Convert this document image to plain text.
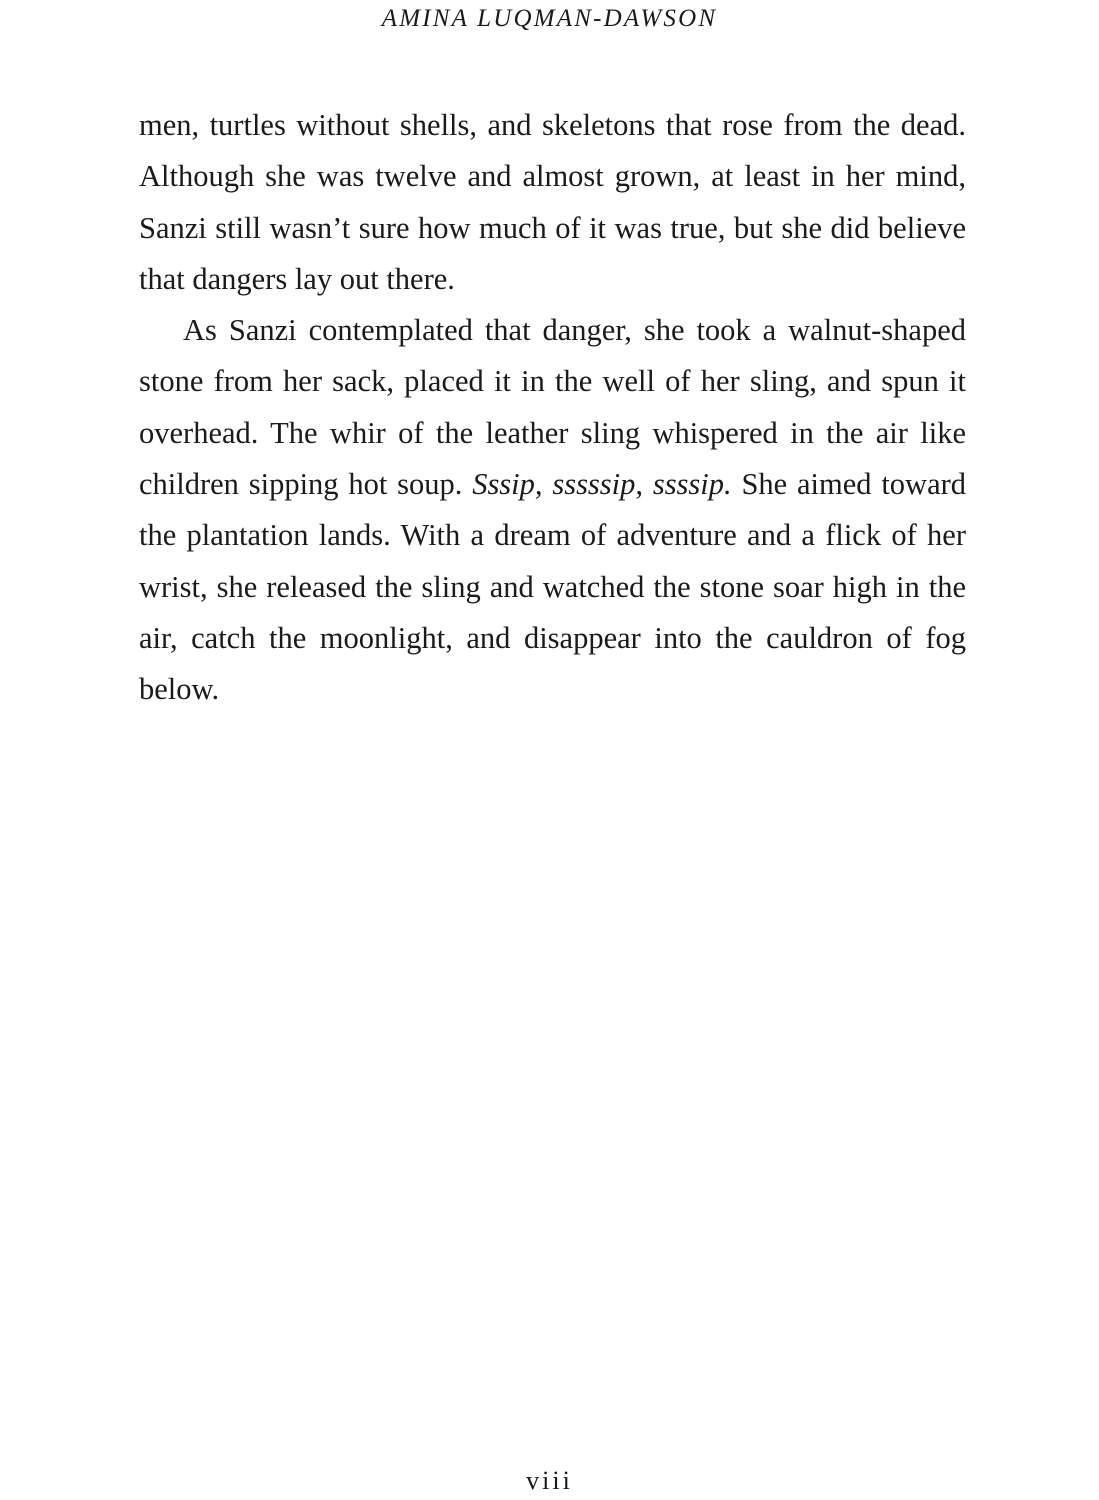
AMINA LUQMAN-DAWSON

men, turtles without shells, and skeletons that rose from the dead. Although she was twelve and almost grown, at least in her mind, Sanzi still wasn’t sure how much of it was true, but she did believe that dangers lay out there.

As Sanzi contemplated that danger, she took a walnut-shaped stone from her sack, placed it in the well of her sling, and spun it overhead. The whir of the leather sling whispered in the air like children sipping hot soup. Sssip, sssssip, ssssip. She aimed toward the plantation lands. With a dream of adventure and a flick of her wrist, she released the sling and watched the stone soar high in the air, catch the moonlight, and disappear into the cauldron of fog below.

viii
